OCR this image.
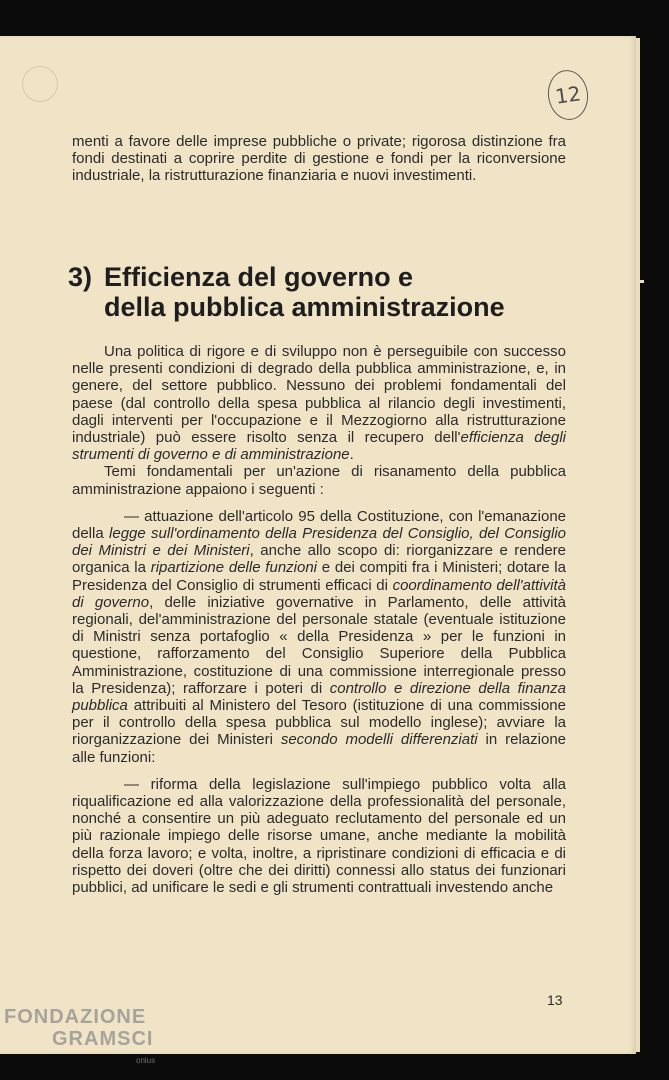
12

menti a favore delle imprese pubbliche o private; rigorosa distinzione fra fondi destinati a coprire perdite di gestione e fondi per la riconversione industriale, la ristrutturazione finanziaria e nuovi investimenti.

3) Efficienza del governo e
della pubblica amministrazione

Una politica di rigore e di sviluppo non è perseguibile con successo nelle presenti condizioni di degrado della pubblica amministrazione, e, in genere, del settore pubblico. Nessuno dei problemi fondamentali del paese (dal controllo della spesa pubblica al rilancio degli investimenti, dagli interventi per l'occupazione e il Mezzogiorno alla ristrutturazione industriale) può essere risolto senza il recupero dell'efficienza degli strumenti di governo e di amministrazione.

Temi fondamentali per un'azione di risanamento della pubblica amministrazione appaiono i seguenti :

— attuazione dell'articolo 95 della Costituzione, con l'emanazione della legge sull'ordinamento della Presidenza del Consiglio, del Consiglio dei Ministri e dei Ministeri, anche allo scopo di: riorganizzare e rendere organica la ripartizione delle funzioni e dei compiti fra i Ministeri; dotare la Presidenza del Consiglio di strumenti efficaci di coordinamento dell'attività di governo, delle iniziative governative in Parlamento, delle attività regionali, del'amministrazione del personale statale (eventuale istituzione di Ministri senza portafoglio « della Presidenza » per le funzioni in questione, rafforzamento del Consiglio Superiore della Pubblica Amministrazione, costituzione di una commissione interregionale presso la Presidenza); rafforzare i poteri di controllo e direzione della finanza pubblica attribuiti al Ministero del Tesoro (istituzione di una commissione per il controllo della spesa pubblica sul modello inglese); avviare la riorganizzazione dei Ministeri secondo modelli differenziati in relazione alle funzioni:

— riforma della legislazione sull'impiego pubblico volta alla riqualificazione ed alla valorizzazione della professionalità del personale, nonché a consentire un più adeguato reclutamento del personale ed un più razionale impiego delle risorse umane, anche mediante la mobilità della forza lavoro; e volta, inoltre, a ripristinare condizioni di efficacia e di rispetto dei doveri (oltre che dei diritti) connessi allo status dei funzionari pubblici, ad unificare le sedi e gli strumenti contrattuali investendo anche

13
FONDAZIONE
GRAMSCI
onlus
